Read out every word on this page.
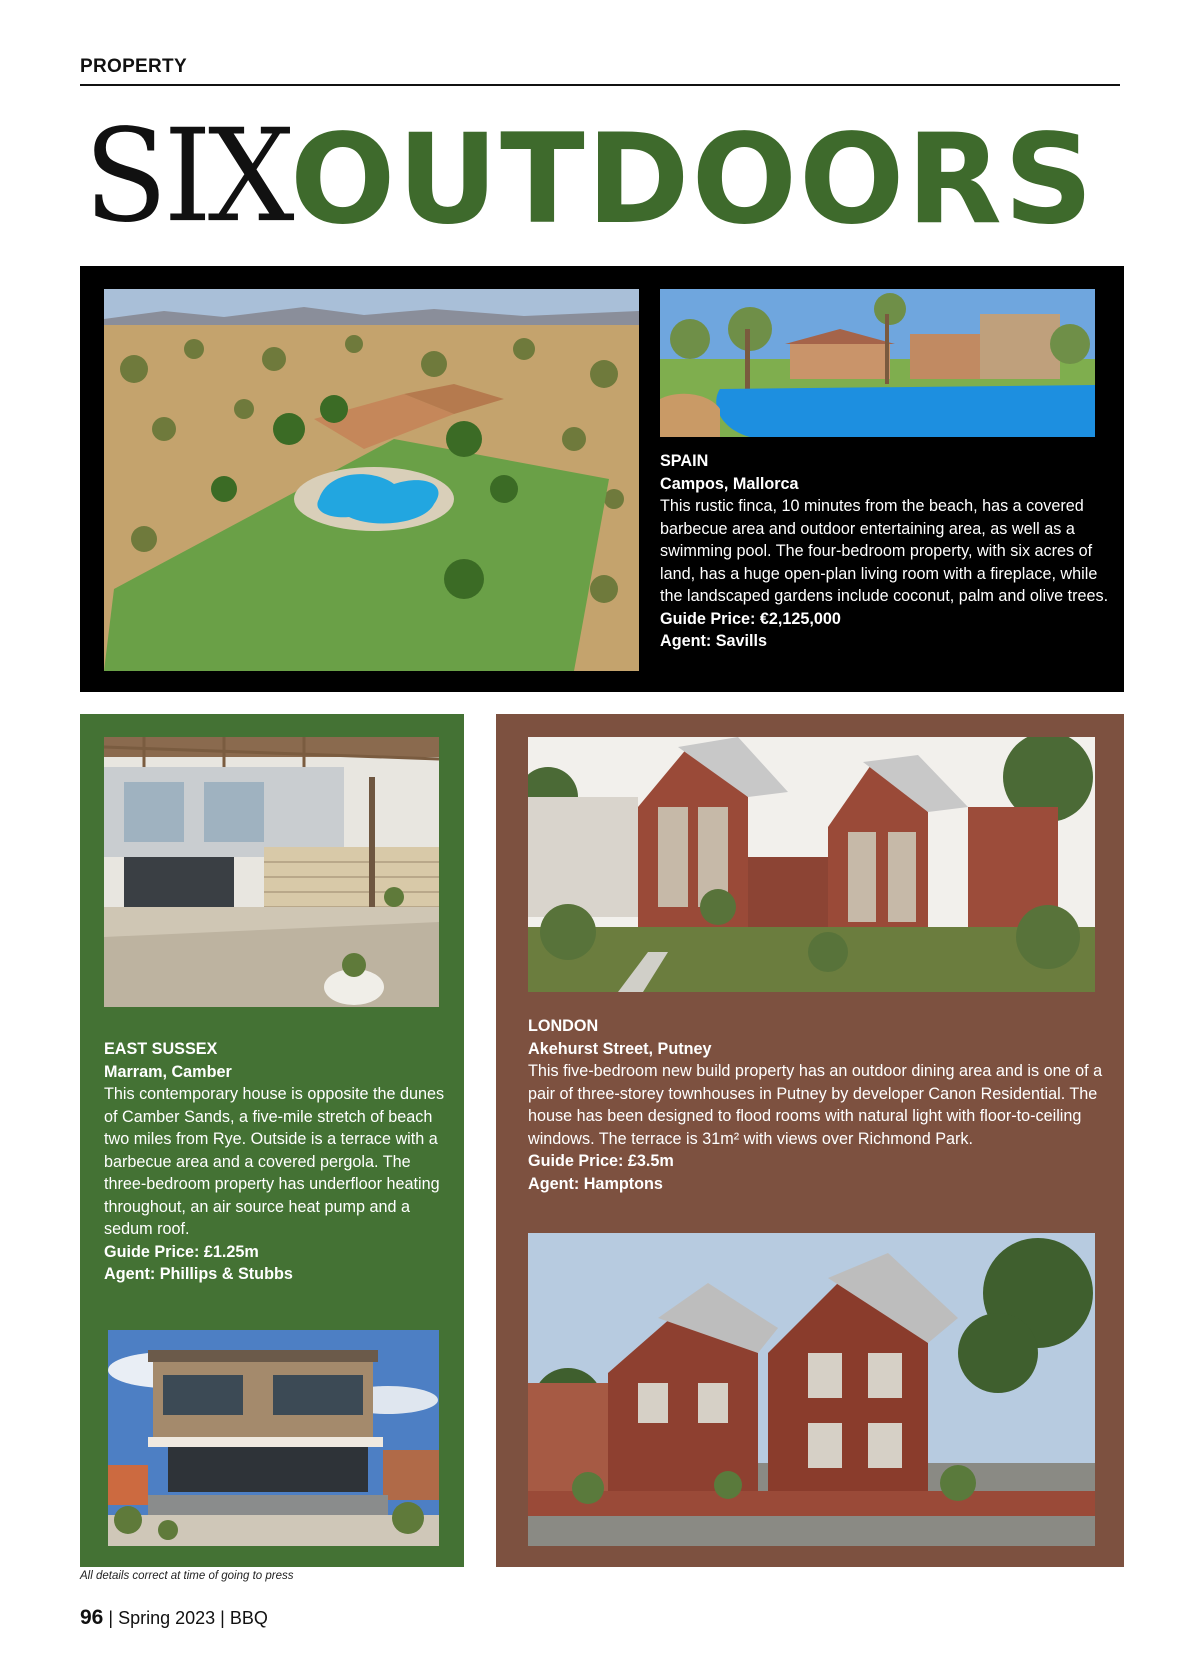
PROPERTY
SIX OUTDOORS
SPAIN
Campos, Mallorca
This rustic finca, 10 minutes from the beach, has a covered barbecue area and outdoor entertaining area, as well as a swimming pool. The four-bedroom property, with six acres of land, has a huge open-plan living room with a fireplace, while the landscaped gardens include coconut, palm and olive trees.
Guide Price: €2,125,000
Agent: Savills
EAST SUSSEX
Marram, Camber
This contemporary house is opposite the dunes of Camber Sands, a five-mile stretch of beach two miles from Rye. Outside is a terrace with a barbecue area and a covered pergola. The three-bedroom property has underfloor heating throughout, an air source heat pump and a sedum roof.
Guide Price: £1.25m
Agent: Phillips & Stubbs
LONDON
Akehurst Street, Putney
This five-bedroom new build property has an outdoor dining area and is one of a pair of three-storey townhouses in Putney by developer Canon Residential. The house has been designed to flood rooms with natural light with floor-to-ceiling windows. The terrace is 31m² with views over Richmond Park.
Guide Price: £3.5m
Agent: Hamptons
All details correct at time of going to press
96 | Spring 2023 | BBQ
